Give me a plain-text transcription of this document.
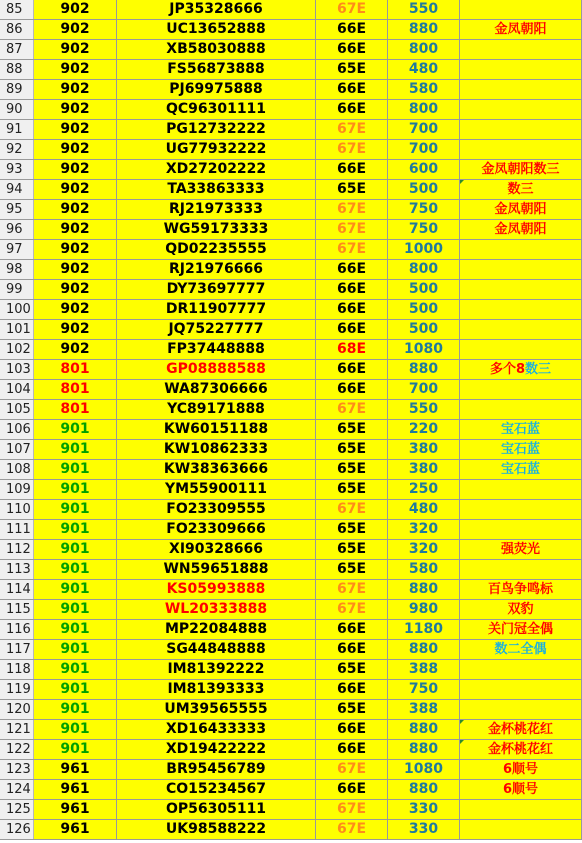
85	902	JP35328666	67E	550
86	902	UC13652888	66E	880	金凤朝阳
87	902	XB58030888	66E	800
88	902	FS56873888	65E	480
89	902	PJ69975888	66E	580
90	902	QC96301111	66E	800
91	902	PG12732222	67E	700
92	902	UG77932222	67E	700
93	902	XD27202222	66E	600	金凤朝阳数三
94	902	TA33863333	65E	500	数三
95	902	RJ21973333	67E	750	金凤朝阳
96	902	WG59173333	67E	750	金凤朝阳
97	902	QD02235555	67E	1000
98	902	RJ21976666	66E	800
99	902	DY73697777	66E	500
100	902	DR11907777	66E	500
101	902	JQ75227777	66E	500
102	902	FP37448888	68E	1080
103	801	GP08888588	66E	880	多个8数三
104	801	WA87306666	66E	700
105	801	YC89171888	67E	550
106	901	KW60151188	65E	220	宝石蓝
107	901	KW10862333	65E	380	宝石蓝
108	901	KW38363666	65E	380	宝石蓝
109	901	YM55900111	65E	250
110	901	FO23309555	67E	480
111	901	FO23309666	65E	320
112	901	XI90328666	65E	320	强荧光
113	901	WN59651888	65E	580
114	901	KS05993888	67E	880	百鸟争鸣标
115	901	WL20333888	67E	980	双豹
116	901	MP22084888	66E	1180	关门冠全偶
117	901	SG44848888	66E	880	数二全偶
118	901	IM81392222	65E	388
119	901	IM81393333	66E	750
120	901	UM39565555	65E	388
121	901	XD16433333	66E	880	金杯桃花红
122	901	XD19422222	66E	880	金杯桃花红
123	961	BR95456789	67E	1080	6顺号
124	961	CO15234567	66E	880	6顺号
125	961	OP56305111	67E	330
126	961	UK98588222	67E	330
